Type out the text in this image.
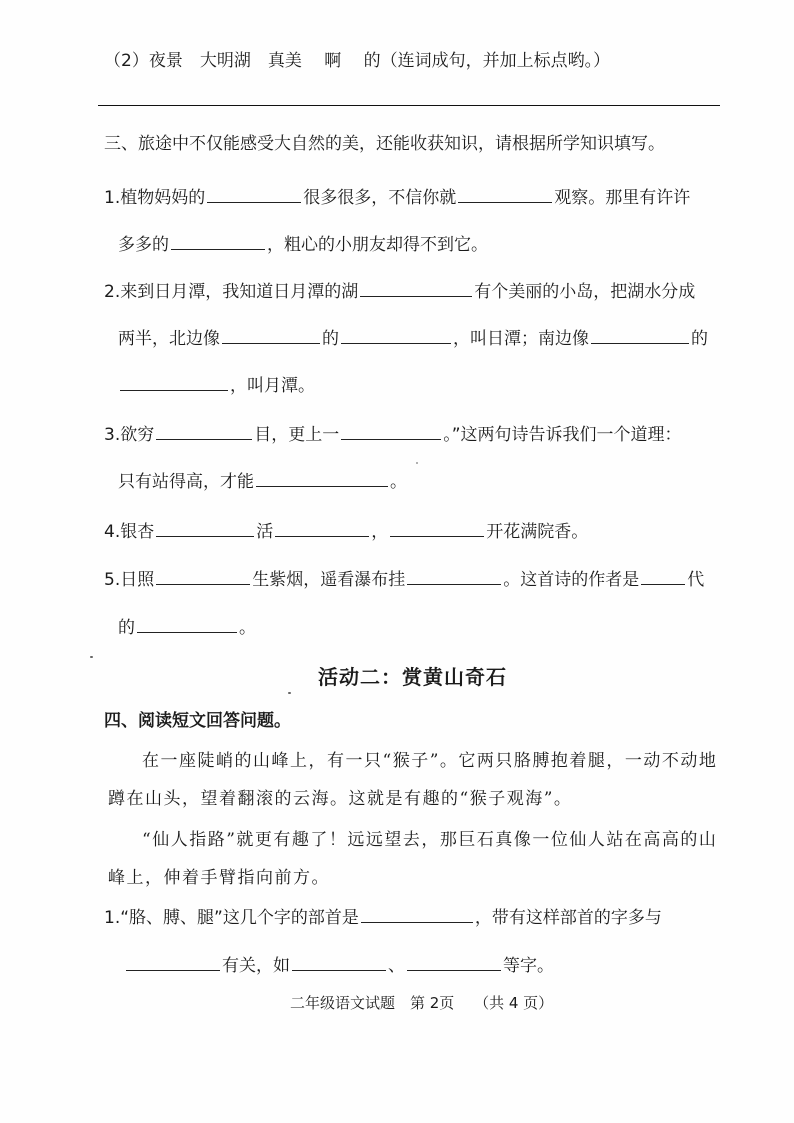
（2）夜景　大明湖　真美　 啊　 的（连词成句，并加上标点哟。）
三、旅途中不仅能感受大自然的美，还能收获知识，请根据所学知识填写。
1.植物妈妈的	很多很多，不信你就	观察。那里有许许
多多的	，粗心的小朋友却得不到它。
2.来到日月潭，我知道日月潭的湖	有个美丽的小岛，把湖水分成
两半，北边像	的	，叫日潭；南边像	的
，叫月潭。
3.欲穷	目，更上一	。”这两句诗告诉我们一个道理：
只有站得高，才能	。
4.银杏	活	，	开花满院香。
5.日照	生紫烟，遥看瀑布挂	。这首诗的作者是	代
的	。
活动二：赏黄山奇石
四、阅读短文回答问题。
在一座陡峭的山峰上，有一只“猴子”。它两只胳膊抱着腿，一动不动地
蹲在山头，望着翻滚的云海。这就是有趣的“猴子观海”。
“仙人指路”就更有趣了！远远望去，那巨石真像一位仙人站在高高的山
峰上，伸着手臂指向前方。
1.“胳、膊、腿”这几个字的部首是	，带有这样部首的字多与
有关，如	、	等字。
二年级语文试题　第 2页　 （共 4 页）
